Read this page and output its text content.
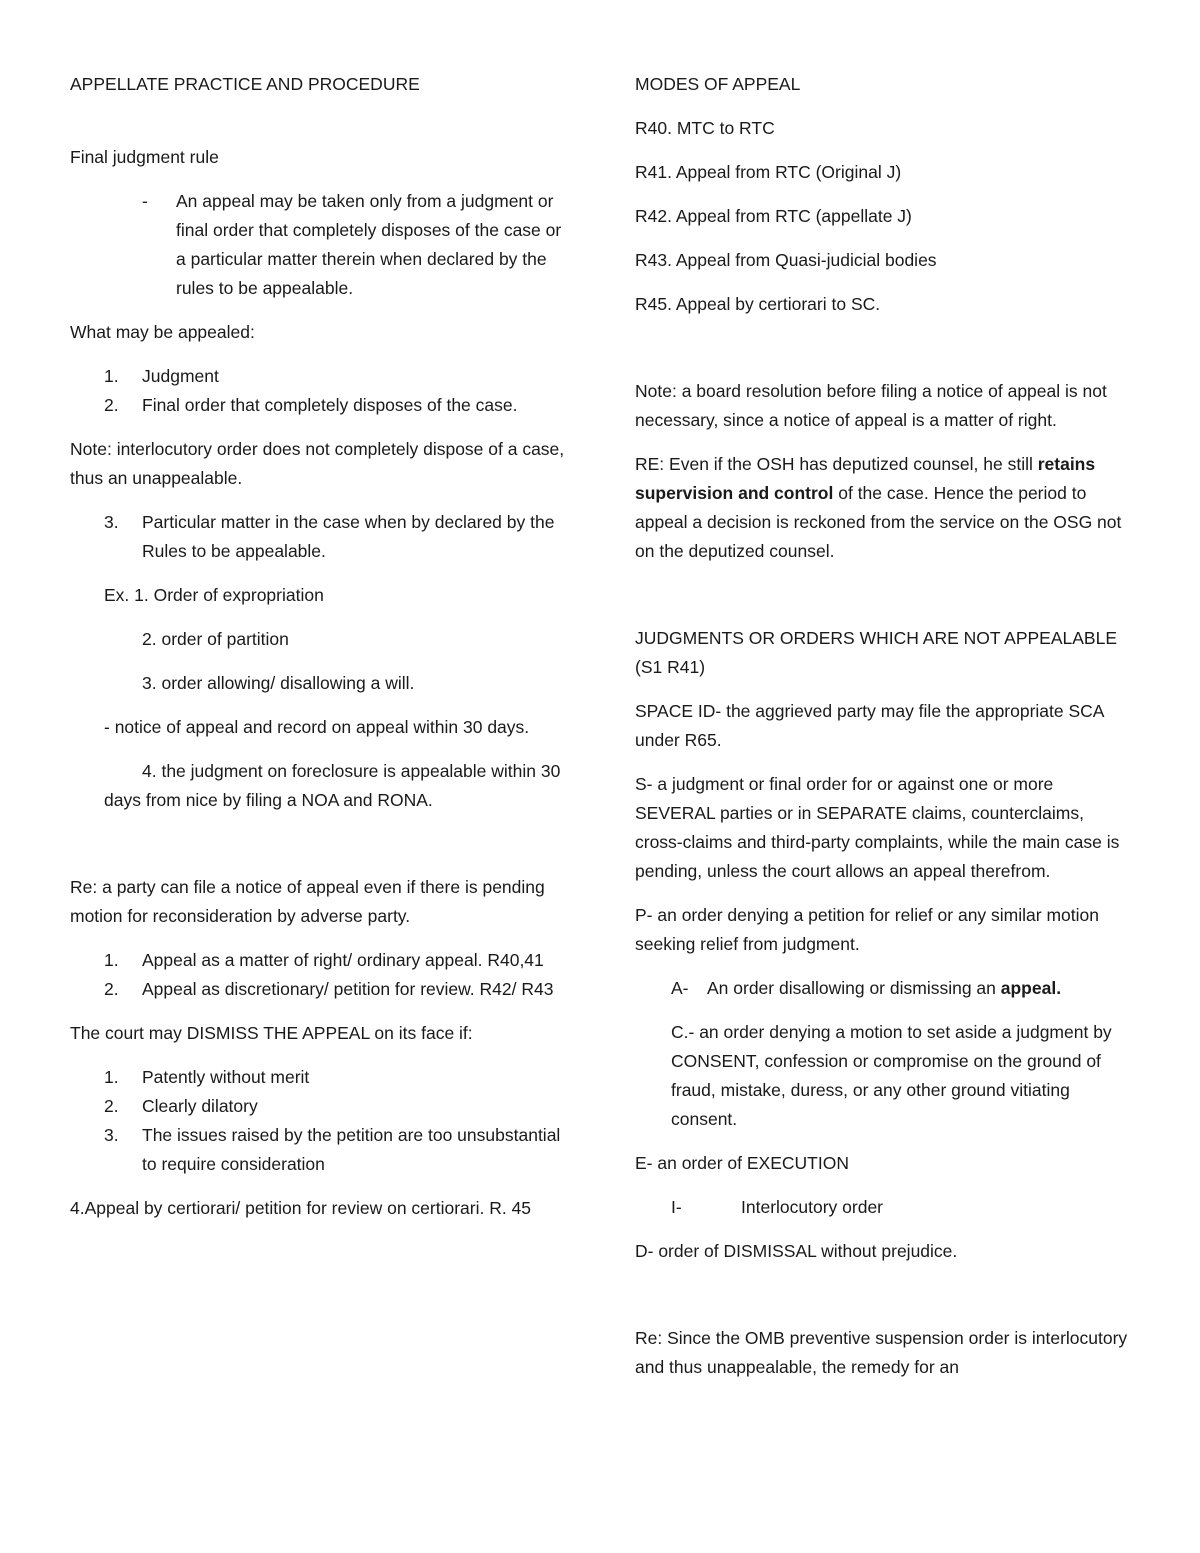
APPELLATE PRACTICE AND PROCEDURE

Final judgment rule

- An appeal may be taken only from a judgment or final order that completely disposes of the case or a particular matter therein when declared by the rules to be appealable.

What may be appealed:

1. Judgment
2. Final order that completely disposes of the case.

Note: interlocutory order does not completely dispose of a case, thus an unappealable.

3. Particular matter in the case when by declared by the Rules to be appealable.

Ex. 1. Order of expropriation

2. order of partition

3. order allowing/ disallowing a will.

- notice of appeal and record on appeal within 30 days.

4. the judgment on foreclosure is appealable within 30 days from nice by filing a NOA and RONA.

Re: a party can file a notice of appeal even if there is pending motion for reconsideration by adverse party.

1. Appeal as a matter of right/ ordinary appeal. R40,41
2. Appeal as discretionary/ petition for review. R42/ R43

The court may DISMISS THE APPEAL on its face if:

1. Patently without merit
2. Clearly dilatory
3. The issues raised by the petition are too unsubstantial to require consideration

4.Appeal by certiorari/ petition for review on certiorari. R. 45

MODES OF APPEAL

R40. MTC to RTC

R41. Appeal from RTC (Original J)

R42. Appeal from RTC (appellate J)

R43. Appeal from Quasi-judicial bodies

R45. Appeal by certiorari to SC.

Note: a board resolution before filing a notice of appeal is not necessary, since a notice of appeal is a matter of right.

RE: Even if the OSH has deputized counsel, he still retains supervision and control of the case. Hence the period to appeal a decision is reckoned from the service on the OSG not on the deputized counsel.

JUDGMENTS OR ORDERS WHICH ARE NOT APPEALABLE (S1 R41)

SPACE ID- the aggrieved party may file the appropriate SCA under R65.

S- a judgment or final order for or against one or more SEVERAL parties or in SEPARATE claims, counterclaims, cross-claims and third-party complaints, while the main case is pending, unless the court allows an appeal therefrom.

P- an order denying a petition for relief or any similar motion seeking relief from judgment.

A- An order disallowing or dismissing an appeal.

C.- an order denying a motion to set aside a judgment by CONSENT, confession or compromise on the ground of fraud, mistake, duress, or any other ground vitiating consent.

E- an order of EXECUTION

I-	Interlocutory order

D- order of DISMISSAL without prejudice.

Re: Since the OMB preventive suspension order is interlocutory and thus unappealable, the remedy for an
